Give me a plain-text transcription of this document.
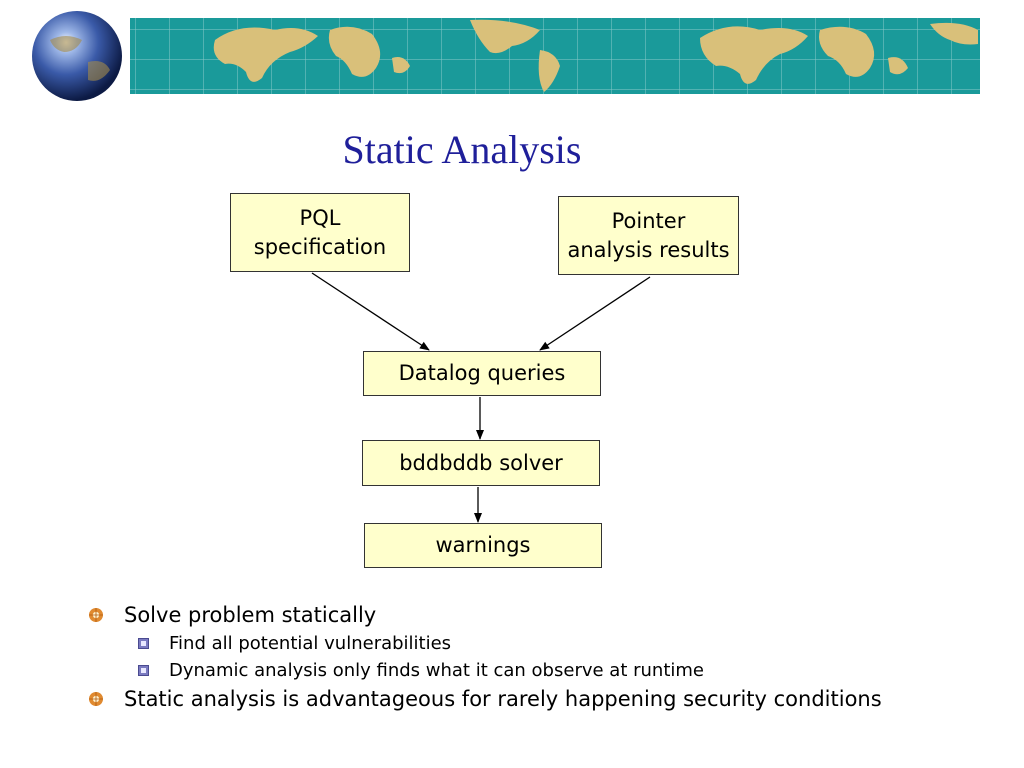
Static Analysis
PQL
specification
Pointer
analysis results
Datalog queries
bddbddb solver
warnings
Solve problem statically
Find all potential vulnerabilities
Dynamic analysis only finds what it can observe at runtime
Static analysis is advantageous for rarely happening security conditions
